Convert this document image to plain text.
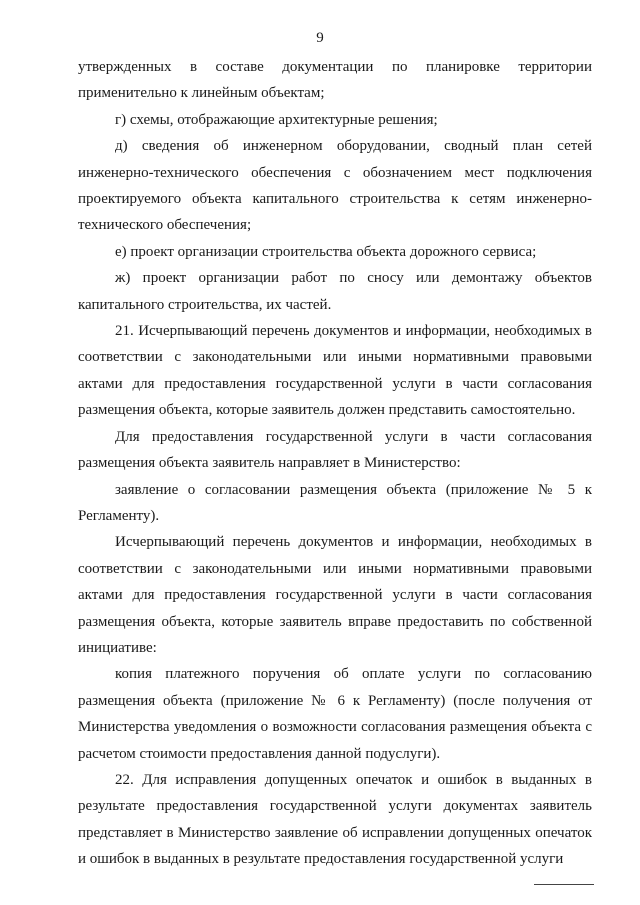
9

утвержденных в составе документации по планировке территории применительно к линейным объектам;

г) схемы, отображающие архитектурные решения;

д) сведения об инженерном оборудовании, сводный план сетей инженерно-технического обеспечения с обозначением мест подключения проектируемого объекта капитального строительства к сетям инженерно-технического обеспечения;

е) проект организации строительства объекта дорожного сервиса;

ж) проект организации работ по сносу или демонтажу объектов капитального строительства, их частей.

21. Исчерпывающий перечень документов и информации, необходимых в соответствии с законодательными или иными нормативными правовыми актами для предоставления государственной услуги в части согласования размещения объекта, которые заявитель должен представить самостоятельно.

Для предоставления государственной услуги в части согласования размещения объекта заявитель направляет в Министерство:

заявление о согласовании размещения объекта (приложение № 5 к Регламенту).

Исчерпывающий перечень документов и информации, необходимых в соответствии с законодательными или иными нормативными правовыми актами для предоставления государственной услуги в части согласования размещения объекта, которые заявитель вправе предоставить по собственной инициативе:

копия платежного поручения об оплате услуги по согласованию размещения объекта (приложение № 6 к Регламенту) (после получения от Министерства уведомления о возможности согласования размещения объекта с расчетом стоимости предоставления данной подуслуги).

22. Для исправления допущенных опечаток и ошибок в выданных в результате предоставления государственной услуги документах заявитель представляет в Министерство заявление об исправлении допущенных опечаток и ошибок в выданных в результате предоставления государственной услуги
